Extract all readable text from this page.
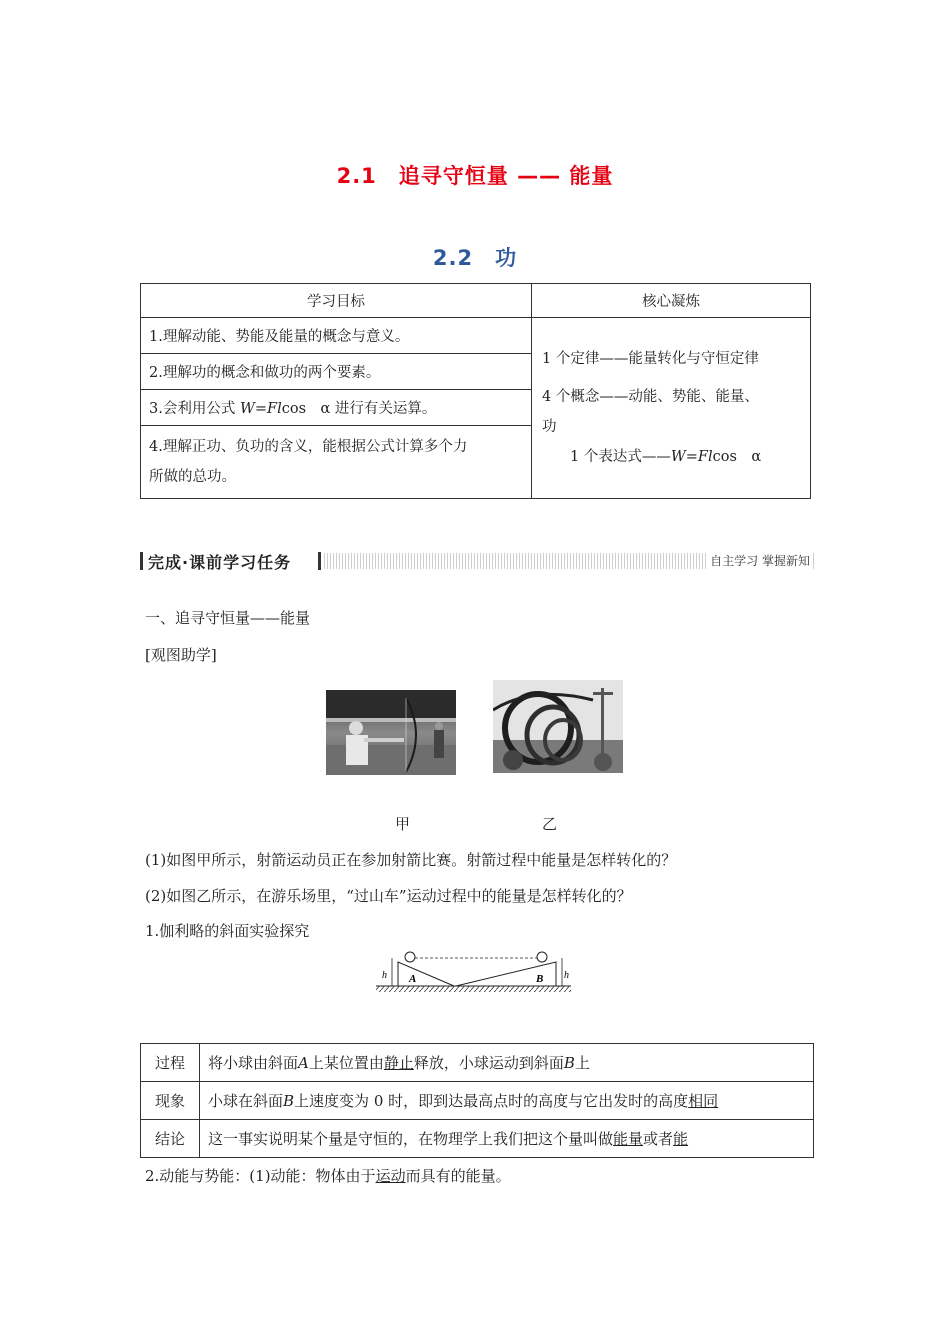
2.1　追寻守恒量 —— 能量
2.2　功
学习目标	核心凝炼
1.理解动能、势能及能量的概念与意义。	1 个定律——能量转化与守恒定律
4 个概念——动能、势能、能量、
功
1 个表达式——W=Flcos　α

2.理解功的概念和做功的两个要素。	
3.会利用公式 W=Flcos　α 进行有关运算。	

4.理解正功、负功的含义，能根据公式计算多个力
所做的总功。	
完成·课前学习任务	自主学习 掌握新知
一、追寻守恒量——能量
[观图助学]
甲	乙
(1)如图甲所示，射箭运动员正在参加射箭比赛。射箭过程中能量是怎样转化的？
(2)如图乙所示，在游乐场里，“过山车”运动过程中的能量是怎样转化的？
1.伽利略的斜面实验探究
h A	B h
过程	将小球由斜面A上某位置由静止释放，小球运动到斜面B上
现象	小球在斜面B上速度变为 0 时，即到达最高点时的高度与它出发时的高度相同
结论	这一事实说明某个量是守恒的，在物理学上我们把这个量叫做能量或者能
2.动能与势能：(1)动能：物体由于运动而具有的能量。
